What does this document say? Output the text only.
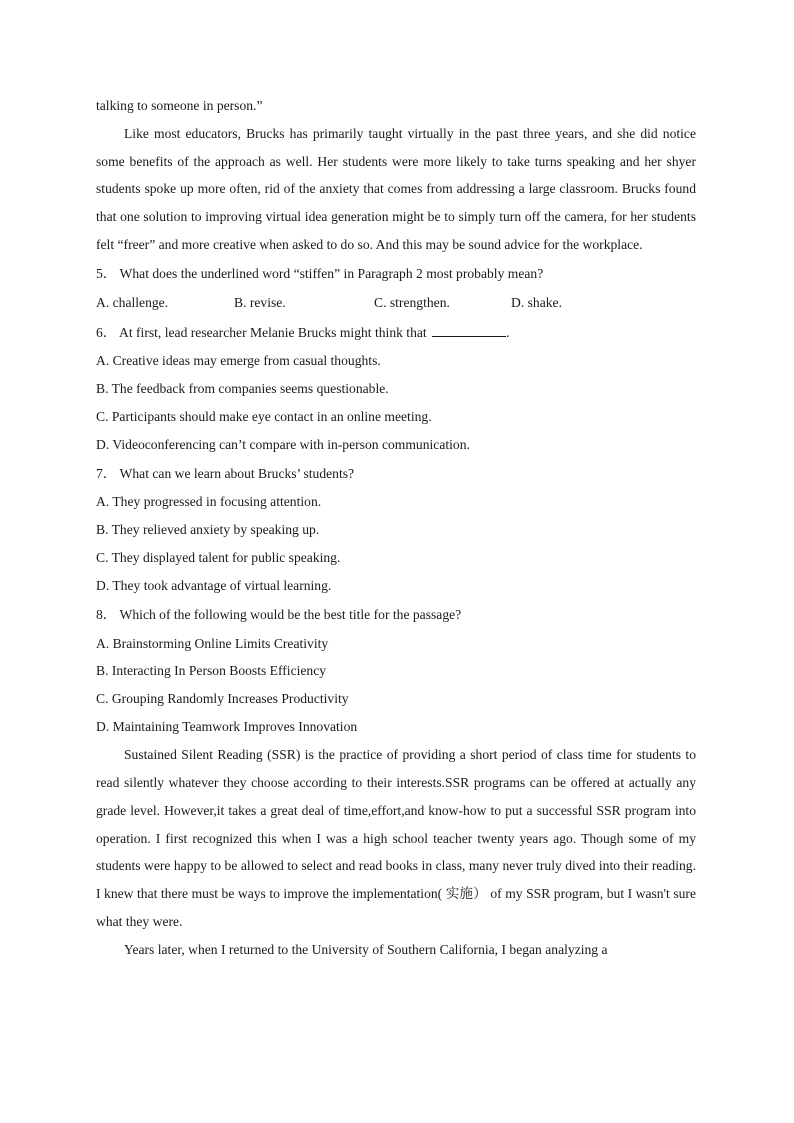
talking to someone in person.”

Like most educators, Brucks has primarily taught virtually in the past three years, and she did notice some benefits of the approach as well. Her students were more likely to take turns speaking and her shyer students spoke up more often, rid of the anxiety that comes from addressing a large classroom. Brucks found that one solution to improving virtual idea generation might be to simply turn off the camera, for her students felt “freer” and more creative when asked to do so. And this may be sound advice for the workplace.

5． What does the underlined word “stiffen” in Paragraph 2 most probably mean?

A. challenge.	B. revise.	C. strengthen.	D. shake.

6． At first, lead researcher Melanie Brucks might think that	.

A. Creative ideas may emerge from casual thoughts.

B. The feedback from companies seems questionable.

C. Participants should make eye contact in an online meeting.

D. Videoconferencing can’t compare with in-person communication.

7． What can we learn about Brucks’ students?

A. They progressed in focusing attention.

B. They relieved anxiety by speaking up.

C. They displayed talent for public speaking.

D. They took advantage of virtual learning.

8． Which of the following would be the best title for the passage?

A. Brainstorming Online Limits Creativity

B. Interacting In Person Boosts Efficiency

C. Grouping Randomly Increases Productivity

D. Maintaining Teamwork Improves Innovation

Sustained Silent Reading (SSR) is the practice of providing a short period of class time for students to read silently whatever they choose according to their interests.SSR programs can be offered at actually any grade level. However,it takes a great deal of time,effort,and know-how to put a successful SSR program into operation. I first recognized this when I was a high school teacher twenty years ago. Though some of my students were happy to be allowed to select and read books in class, many never truly dived into their reading. I knew that there must be ways to improve the implementation( 实施） of my SSR program, but I wasn't sure what they were.

Years later, when I returned to the University of Southern California, I began analyzing a
